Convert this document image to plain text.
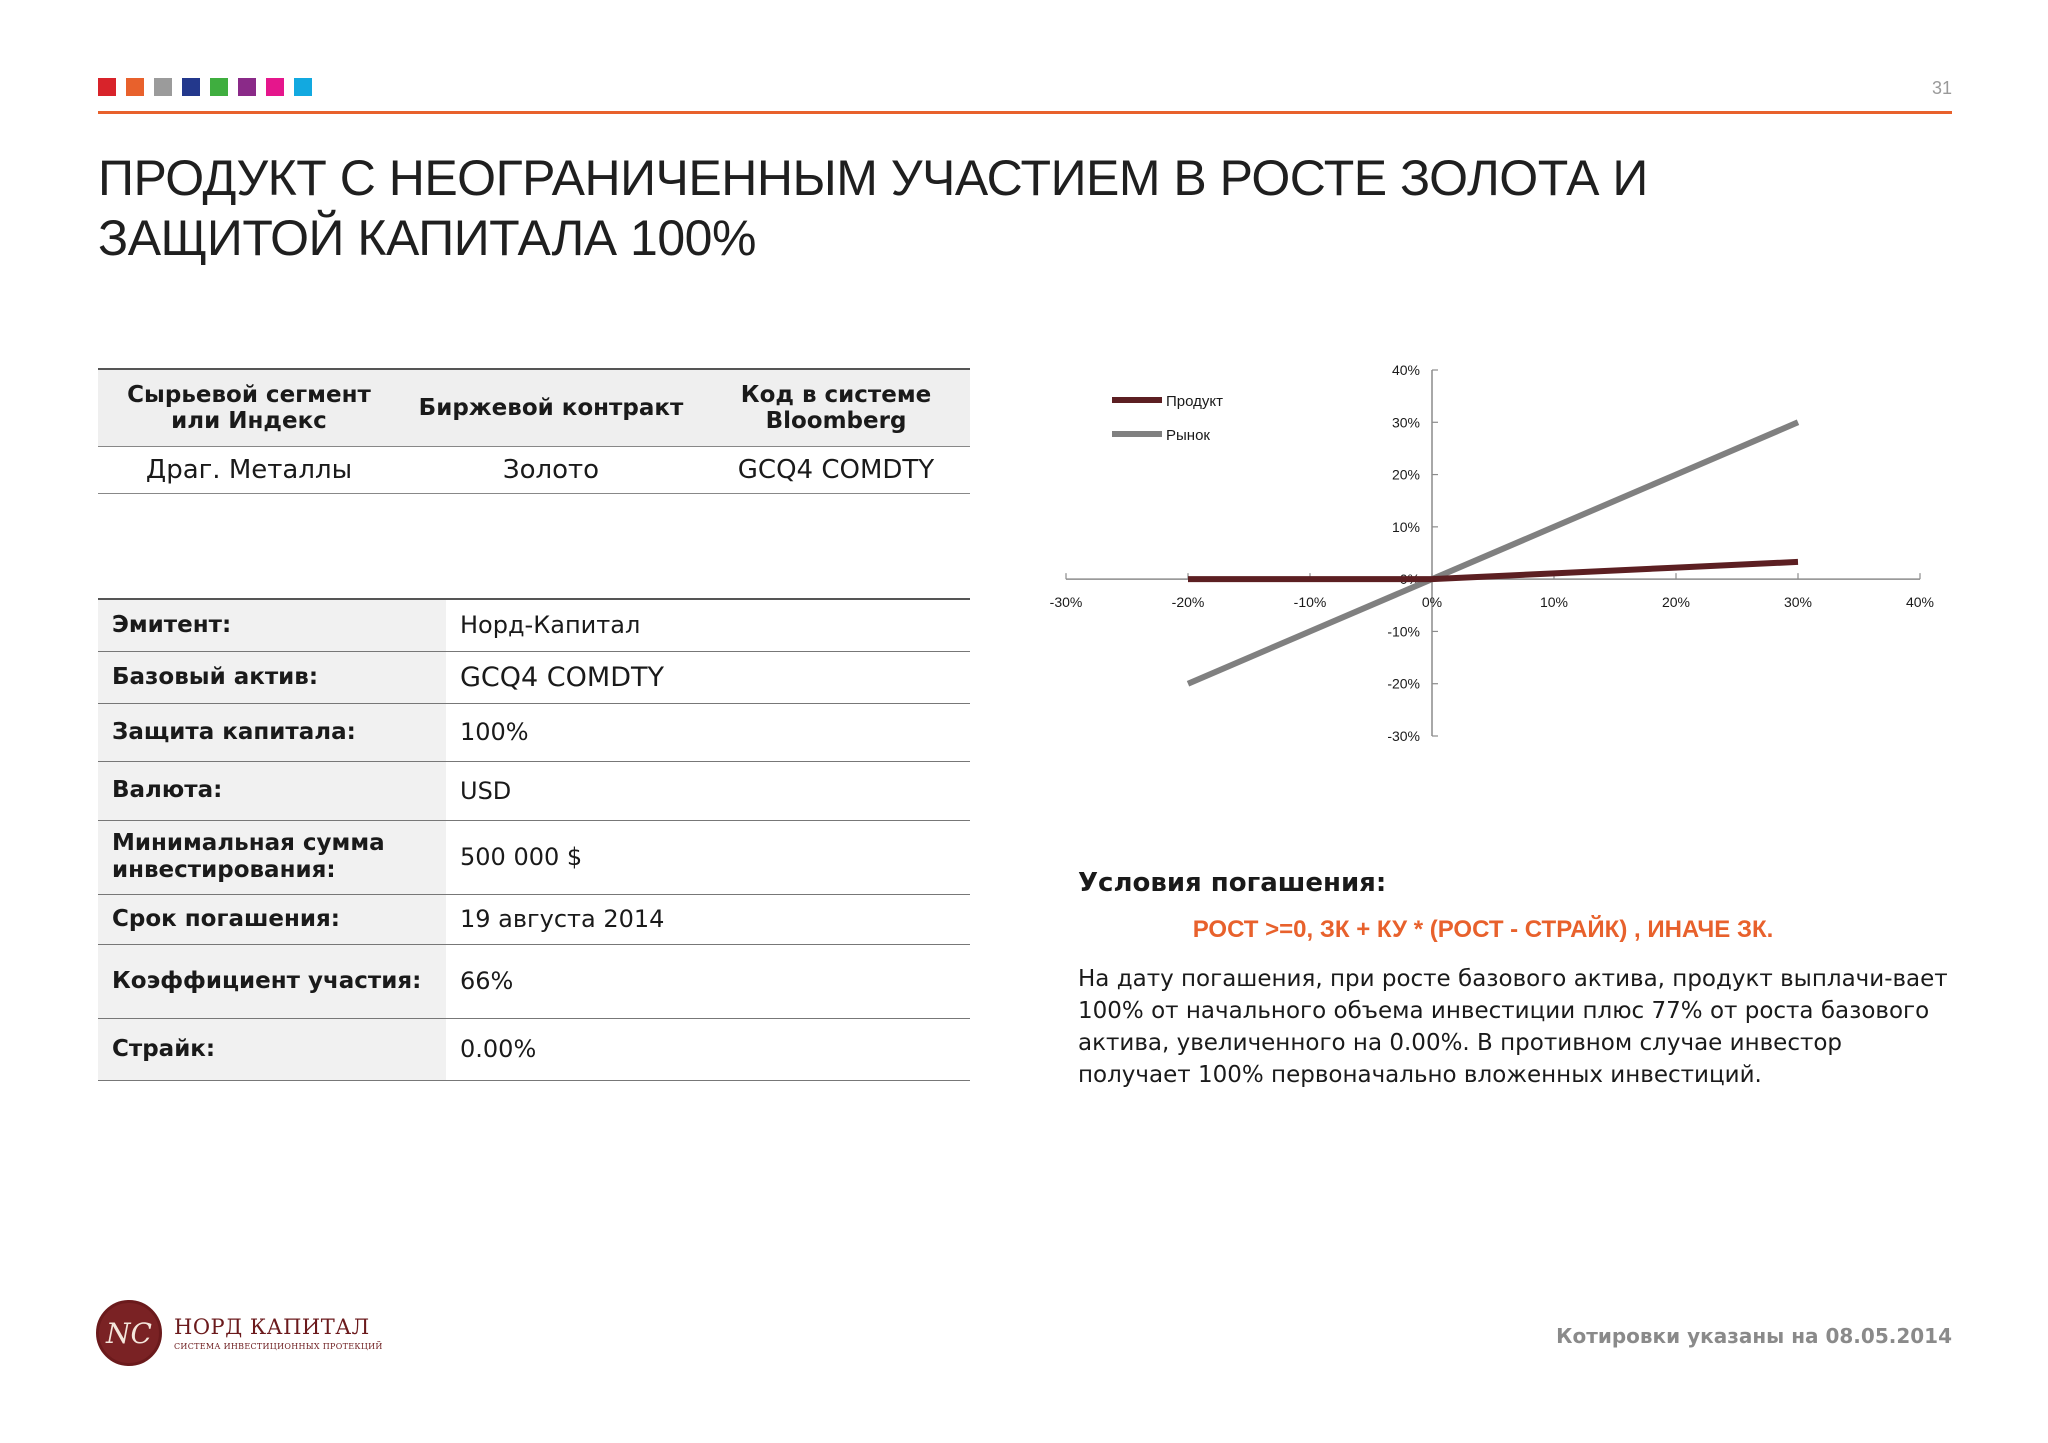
31
ПРОДУКТ С НЕОГРАНИЧЕННЫМ УЧАСТИЕМ В РОСТЕ ЗОЛОТА И
ЗАЩИТОЙ КАПИТАЛА 100%
Сырьевой сегмент или Индекс	Биржевой контракт	Код в системе Bloomberg
Драг. Металлы	Золото	GCQ4 COMDTY
Эмитент:	Норд-Капитал
Базовый актив:	GCQ4 COMDTY
Защита капитала:	100%
Валюта:	USD
Минимальная сумма инвестирования:	500 000 $
Срок погашения:	19 августа 2014
Коэффициент участия:	66%
Страйк:	0.00%
-30%	-20%	-10%	0%	10%	20%	30%	40%
-30%
-20%
-10%
0%
10%
20%
30%
40%
Продукт
Рынок
Условия погашения:
РОСТ >=0, ЗК + КУ * (РОСТ - СТРАЙК) , ИНАЧЕ ЗК.

На дату погашения, при росте базового актива, продукт выплачи-вает 100% от начального объема инвестиции плюс 77% от роста базового актива, увеличенного на 0.00%. В противном случае инвестор получает 100% первоначально вложенных инвестиций.

NC	НОРД КАПИТАЛ
СИСТЕМА ИНВЕСТИЦИОННЫХ ПРОТЕКЦИЙ	Котировки указаны на 08.05.2014
